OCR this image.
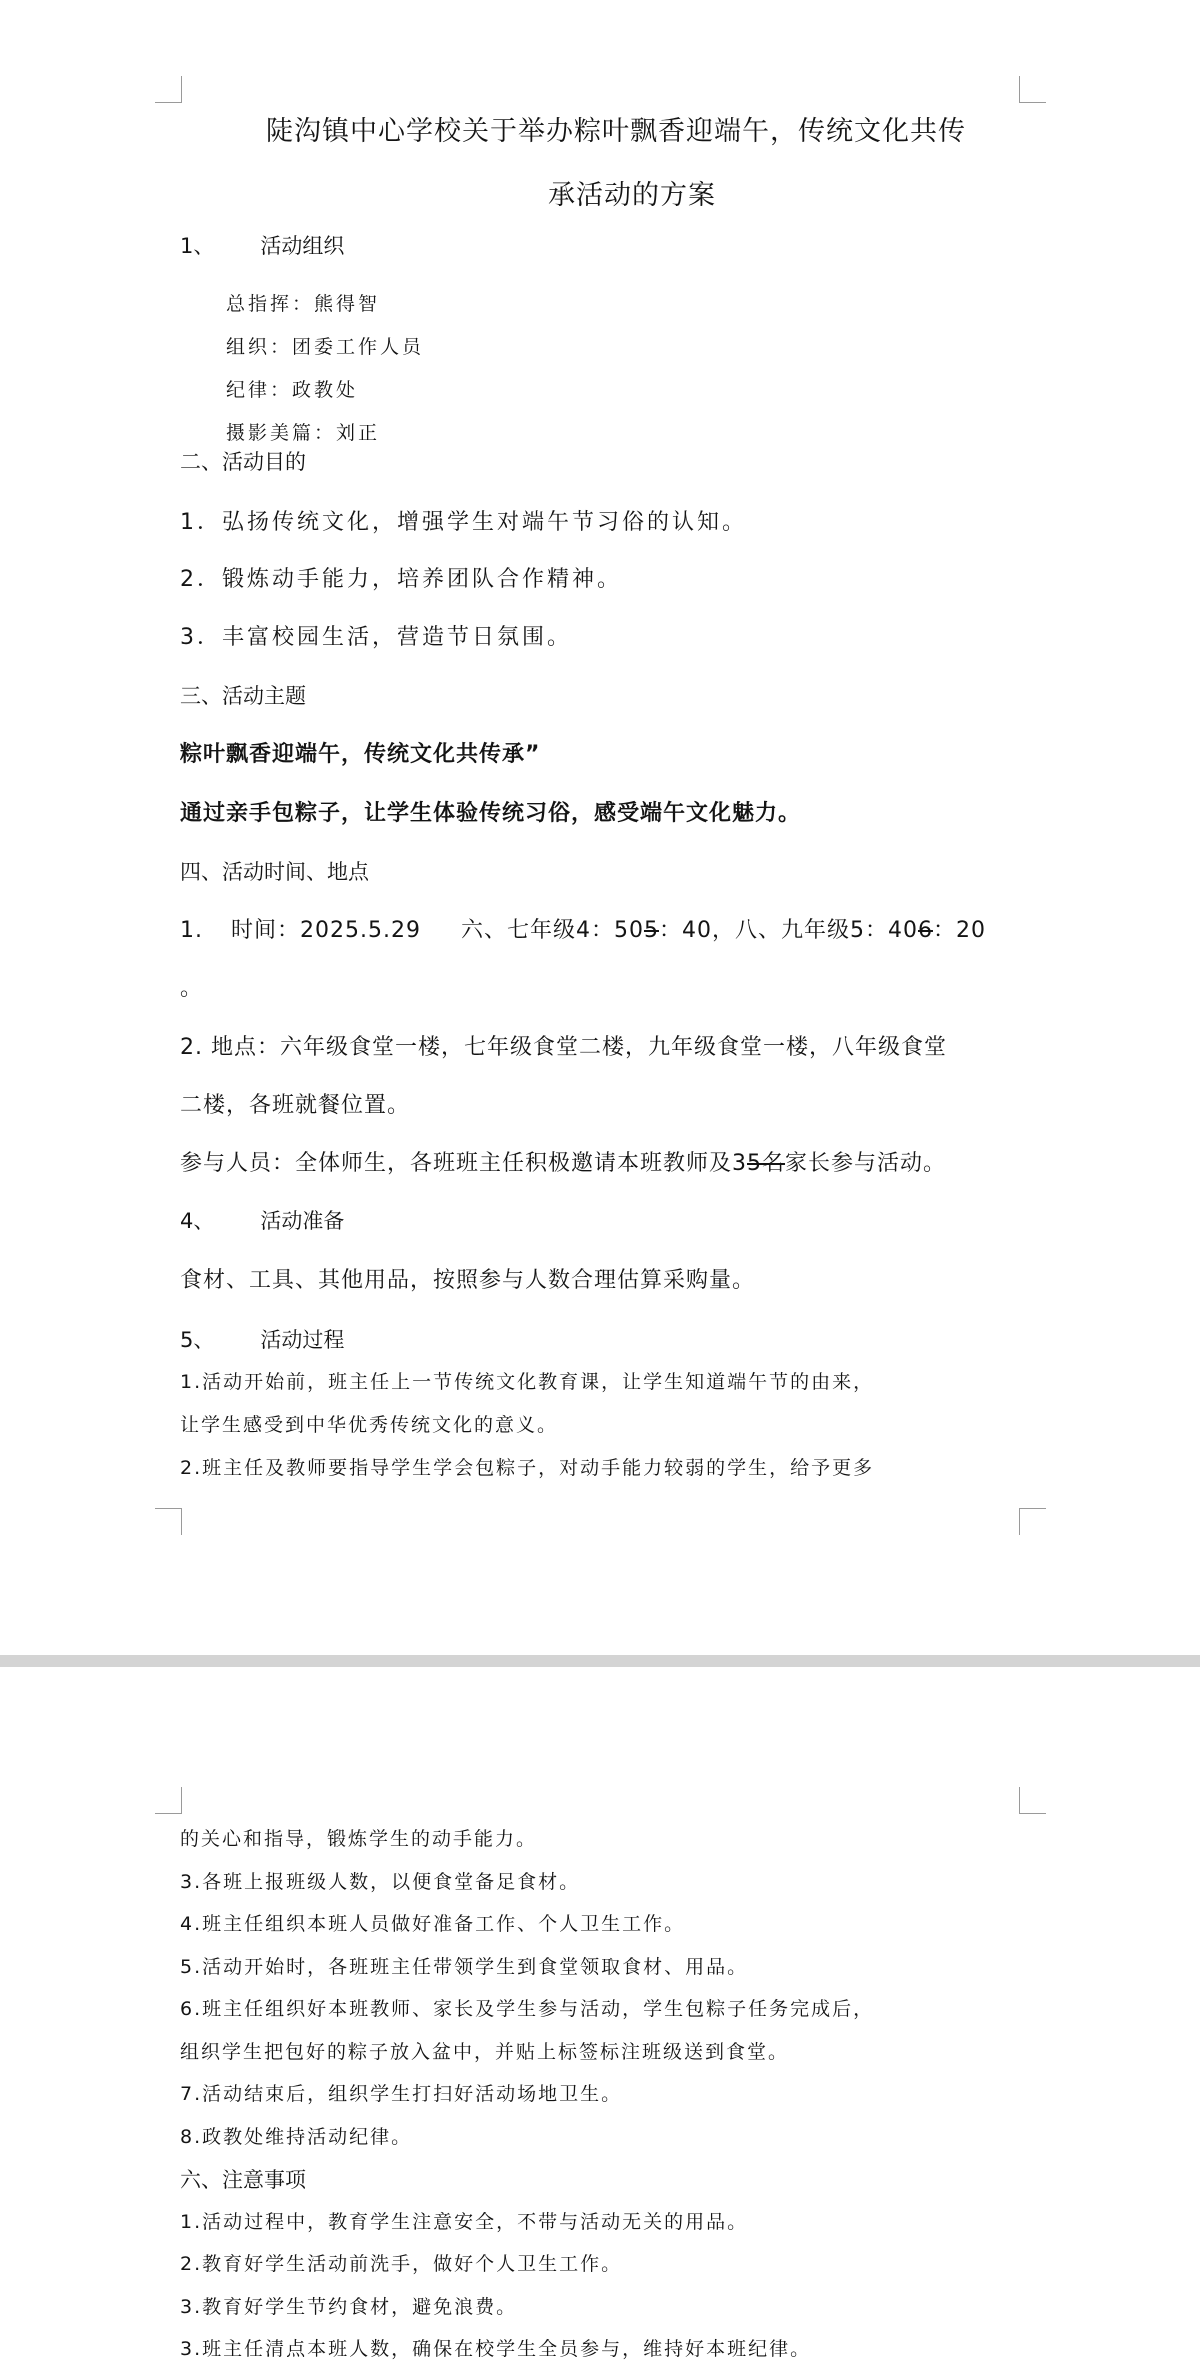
陡沟镇中心学校关于举办粽叶飘香迎端午，传统文化共传
承活动的方案
1、 活动组织
总指挥：熊得智
组织：团委工作人员
纪律：政教处
摄影美篇：刘正
二、活动目的
1．弘扬传统文化，增强学生对端午节习俗的认知。
2．锻炼动手能力，培养团队合作精神。
3．丰富校园生活，营造节日氛围。
三、活动主题
粽叶飘香迎端午，传统文化共传承”
通过亲手包粽子，让学生体验传统习俗，感受端午文化魅力。
四、活动时间、地点
1. 时间：2025.5.29 六、七年级4：505：40，八、九年级5：406：20
。
2. 地点：六年级食堂一楼，七年级食堂二楼，九年级食堂一楼，八年级食堂
二楼，各班就餐位置。
参与人员：全体师生，各班班主任积极邀请本班教师及35名家长参与活动。
4、 活动准备
食材、工具、其他用品，按照参与人数合理估算采购量。
5、 活动过程
1.活动开始前，班主任上一节传统文化教育课，让学生知道端午节的由来，
让学生感受到中华优秀传统文化的意义。
2.班主任及教师要指导学生学会包粽子，对动手能力较弱的学生，给予更多
的关心和指导，锻炼学生的动手能力。
3.各班上报班级人数，以便食堂备足食材。
4.班主任组织本班人员做好准备工作、个人卫生工作。
5.活动开始时，各班班主任带领学生到食堂领取食材、用品。
6.班主任组织好本班教师、家长及学生参与活动，学生包粽子任务完成后，
组织学生把包好的粽子放入盆中，并贴上标签标注班级送到食堂。
7.活动结束后，组织学生打扫好活动场地卫生。
8.政教处维持活动纪律。
六、注意事项
1.活动过程中，教育学生注意安全，不带与活动无关的用品。
2.教育好学生活动前洗手，做好个人卫生工作。
3.教育好学生节约食材，避免浪费。
3.班主任清点本班人数，确保在校学生全员参与，维持好本班纪律。
